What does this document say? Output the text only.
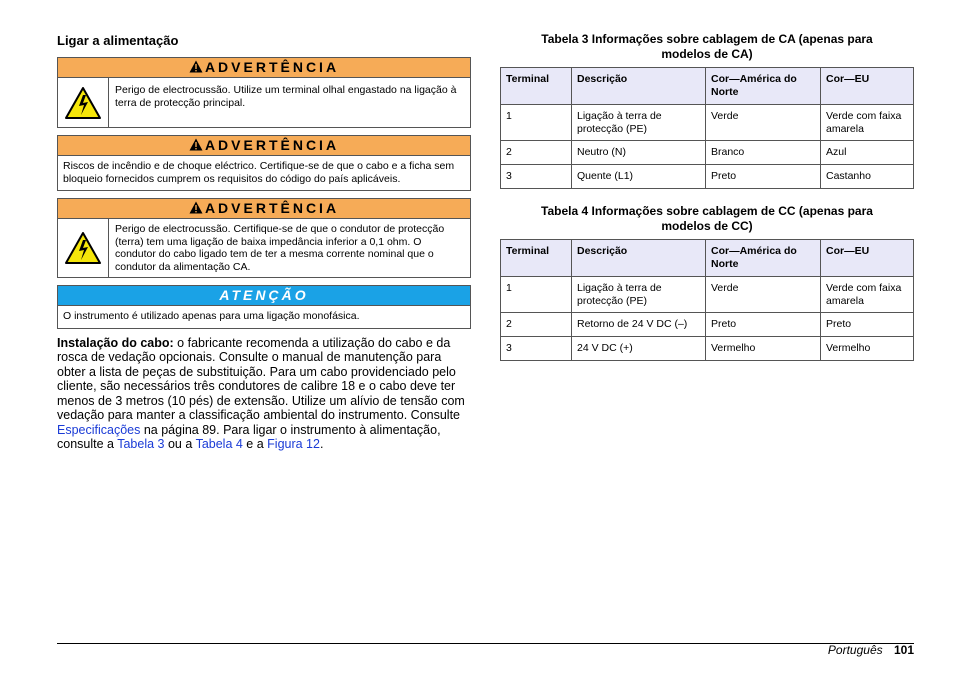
Ligar a alimentação
ADVERTÊNCIA
Perigo de electrocussão. Utilize um terminal olhal engastado na ligação à terra de protecção principal.
ADVERTÊNCIA
Riscos de incêndio e de choque eléctrico. Certifique-se de que o cabo e a ficha sem bloqueio fornecidos cumprem os requisitos do código do país aplicáveis.
ADVERTÊNCIA
Perigo de electrocussão. Certifique-se de que o condutor de protecção (terra) tem uma ligação de baixa impedância inferior a 0,1 ohm. O condutor do cabo ligado tem de ter a mesma corrente nominal que o condutor da alimentação CA.
ATENÇÃO
O instrumento é utilizado apenas para uma ligação monofásica.
Instalação do cabo: o fabricante recomenda a utilização do cabo e da rosca de vedação opcionais. Consulte o manual de manutenção para obter a lista de peças de substituição. Para um cabo providenciado pelo cliente, são necessários três condutores de calibre 18 e o cabo deve ter menos de 3 metros (10 pés) de extensão. Utilize um alívio de tensão com vedação para manter a classificação ambiental do instrumento. Consulte Especificações na página 89. Para ligar o instrumento à alimentação, consulte a Tabela 3 ou a Tabela 4 e a Figura 12.
Tabela 3 Informações sobre cablagem de CA (apenas para modelos de CA)
Terminal	Descrição	Cor—América do Norte	Cor—EU
1	Ligação à terra de protecção (PE)	Verde	Verde com faixa amarela
2	Neutro (N)	Branco	Azul
3	Quente (L1)	Preto	Castanho
Tabela 4 Informações sobre cablagem de CC (apenas para modelos de CC)
Terminal	Descrição	Cor—América do Norte	Cor—EU
1	Ligação à terra de protecção (PE)	Verde	Verde com faixa amarela
2	Retorno de 24 V DC (–)	Preto	Preto
3	24 V DC (+)	Vermelho	Vermelho
Português 101
